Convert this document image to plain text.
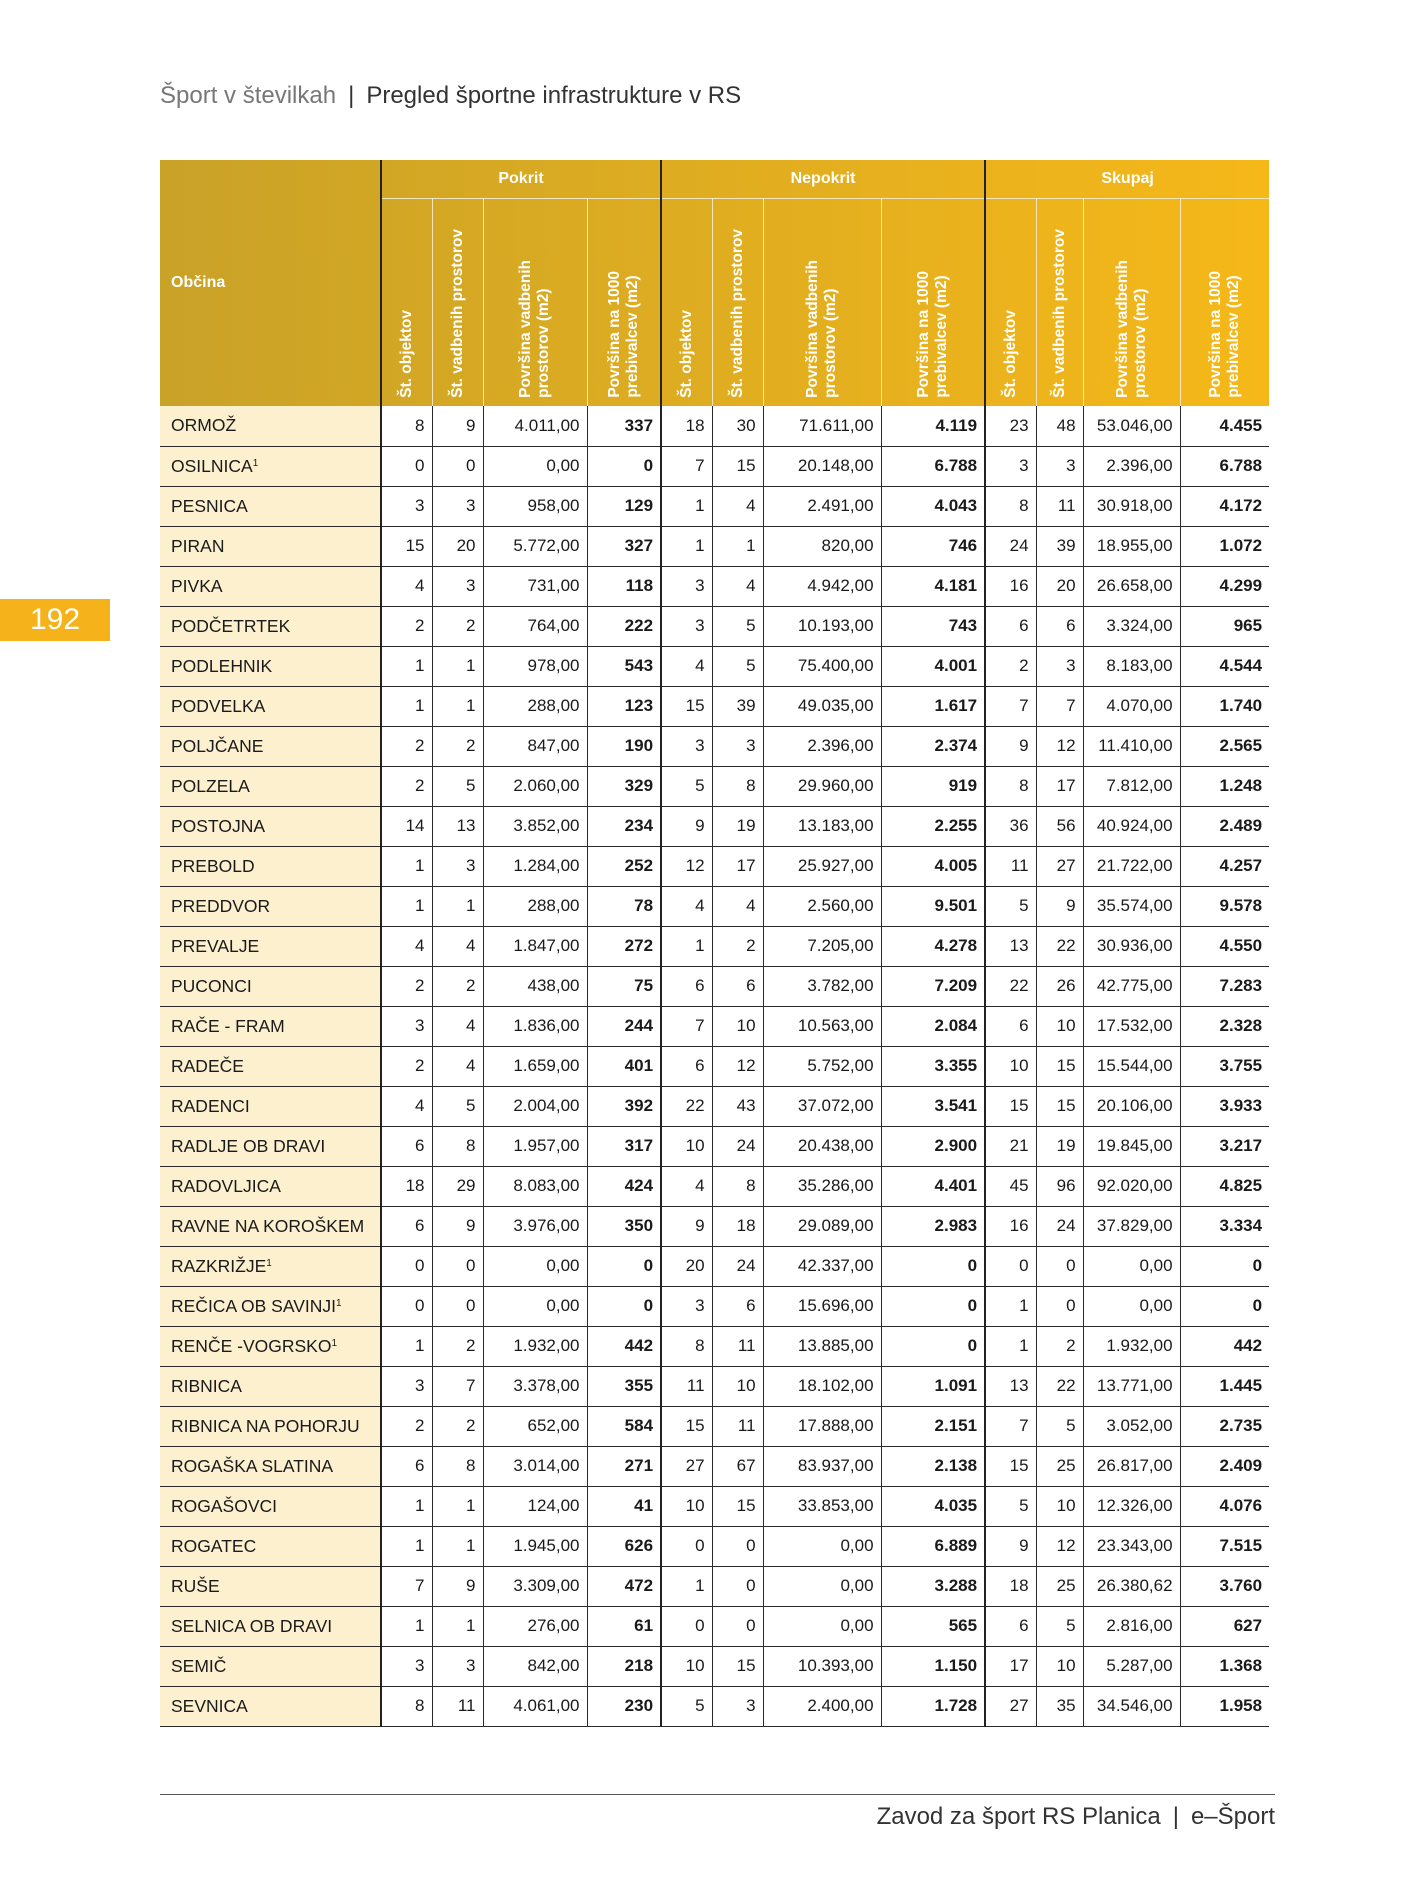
Šport v številkah | Pregled športne infrastrukture v RS
192
Občina	Pokrit				Nepokrit				Skupaj			

	Št. objektov	Št. vadbenih prostorov	Površina vadbenih
prostorov (m2)	Površina na 1000
prebivalcev (m2)	Št. objektov	Št. vadbenih prostorov	Površina vadbenih
prostorov (m2)	Površina na 1000
prebivalcev (m2)	Št. objektov	Št. vadbenih prostorov	Površina vadbenih
prostorov (m2)	Površina na 1000
prebivalcev (m2)

ORMOŽ	8	9	4.011,00	337	18	30	71.611,00	4.119	23	48	53.046,00	4.455
OSILNICA$^1$	0	0	0,00	0	7	15	20.148,00	6.788	3	3	2.396,00	6.788
PESNICA	3	3	958,00	129	1	4	2.491,00	4.043	8	11	30.918,00	4.172
PIRAN	15	20	5.772,00	327	1	1	820,00	746	24	39	18.955,00	1.072
PIVKA	4	3	731,00	118	3	4	4.942,00	4.181	16	20	26.658,00	4.299
PODČETRTEK	2	2	764,00	222	3	5	10.193,00	743	6	6	3.324,00	965
PODLEHNIK	1	1	978,00	543	4	5	75.400,00	4.001	2	3	8.183,00	4.544
PODVELKA	1	1	288,00	123	15	39	49.035,00	1.617	7	7	4.070,00	1.740
POLJČANE	2	2	847,00	190	3	3	2.396,00	2.374	9	12	11.410,00	2.565
POLZELA	2	5	2.060,00	329	5	8	29.960,00	919	8	17	7.812,00	1.248
POSTOJNA	14	13	3.852,00	234	9	19	13.183,00	2.255	36	56	40.924,00	2.489
PREBOLD	1	3	1.284,00	252	12	17	25.927,00	4.005	11	27	21.722,00	4.257
PREDDVOR	1	1	288,00	78	4	4	2.560,00	9.501	5	9	35.574,00	9.578
PREVALJE	4	4	1.847,00	272	1	2	7.205,00	4.278	13	22	30.936,00	4.550
PUCONCI	2	2	438,00	75	6	6	3.782,00	7.209	22	26	42.775,00	7.283
RAČE - FRAM	3	4	1.836,00	244	7	10	10.563,00	2.084	6	10	17.532,00	2.328
RADEČE	2	4	1.659,00	401	6	12	5.752,00	3.355	10	15	15.544,00	3.755
RADENCI	4	5	2.004,00	392	22	43	37.072,00	3.541	15	15	20.106,00	3.933
RADLJE OB DRAVI	6	8	1.957,00	317	10	24	20.438,00	2.900	21	19	19.845,00	3.217
RADOVLJICA	18	29	8.083,00	424	4	8	35.286,00	4.401	45	96	92.020,00	4.825
RAVNE NA KOROŠKEM	6	9	3.976,00	350	9	18	29.089,00	2.983	16	24	37.829,00	3.334
RAZKRIŽJE$^1$	0	0	0,00	0	20	24	42.337,00	0	0	0	0,00	0
REČICA OB SAVINJI$^1$	0	0	0,00	0	3	6	15.696,00	0	1	0	0,00	0
RENČE -VOGRSKO$^1$	1	2	1.932,00	442	8	11	13.885,00	0	1	2	1.932,00	442
RIBNICA	3	7	3.378,00	355	11	10	18.102,00	1.091	13	22	13.771,00	1.445
RIBNICA NA POHORJU	2	2	652,00	584	15	11	17.888,00	2.151	7	5	3.052,00	2.735
ROGAŠKA SLATINA	6	8	3.014,00	271	27	67	83.937,00	2.138	15	25	26.817,00	2.409
ROGAŠOVCI	1	1	124,00	41	10	15	33.853,00	4.035	5	10	12.326,00	4.076
ROGATEC	1	1	1.945,00	626	0	0	0,00	6.889	9	12	23.343,00	7.515
RUŠE	7	9	3.309,00	472	1	0	0,00	3.288	18	25	26.380,62	3.760
SELNICA OB DRAVI	1	1	276,00	61	0	0	0,00	565	6	5	2.816,00	627
SEMIČ	3	3	842,00	218	10	15	10.393,00	1.150	17	10	5.287,00	1.368
SEVNICA	8	11	4.061,00	230	5	3	2.400,00	1.728	27	35	34.546,00	1.958
Zavod za šport RS Planica | e–Šport
